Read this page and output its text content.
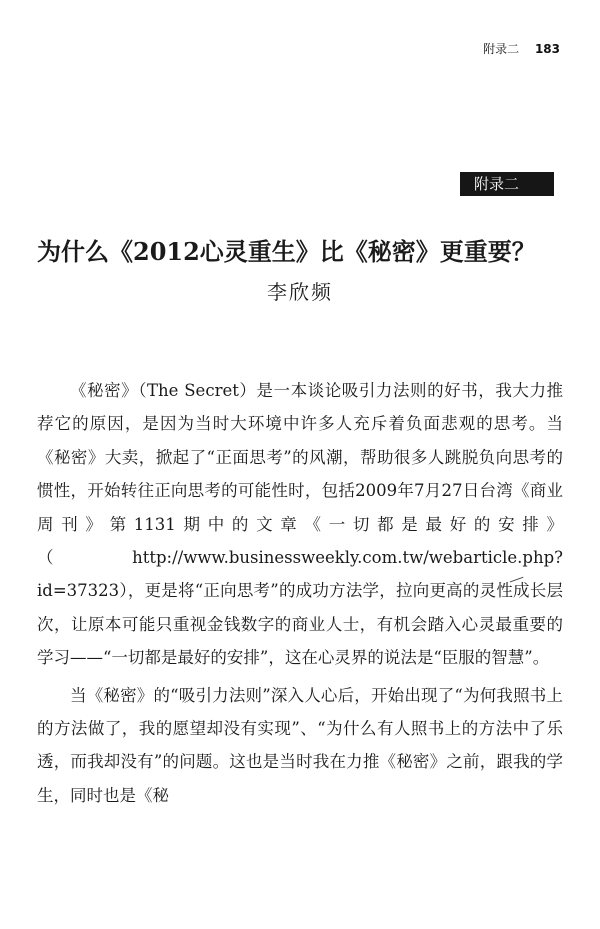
附录二 183
附录二
为什么《2012心灵重生》比《秘密》更重要？
李欣频

《秘密》（The Secret）是一本谈论吸引力法则的好书，我大力推荐它的原因，是因为当时大环境中许多人充斥着负面悲观的思考。当《秘密》大卖，掀起了“正面思考”的风潮，帮助很多人跳脱负向思考的惯性，开始转往正向思考的可能性时，包括2009年7月27日台湾《商业周刊》第1131期中的文章《一切都是最好的安排》（http://www.businessweekly.com.tw/webarticle.php? id=37323），更是将“正向思考”的成功方法学，拉向更高的灵性成长层次，让原本可能只重视金钱数字的商业人士，有机会踏入心灵最重要的学习——“一切都是最好的安排”，这在心灵界的说法是“臣服的智慧”。

当《秘密》的“吸引力法则”深入人心后，开始出现了“为何我照书上的方法做了，我的愿望却没有实现”、“为什么有人照书上的方法中了乐透，而我却没有”的问题。这也是当时我在力推《秘密》之前，跟我的学生，同时也是《秘
